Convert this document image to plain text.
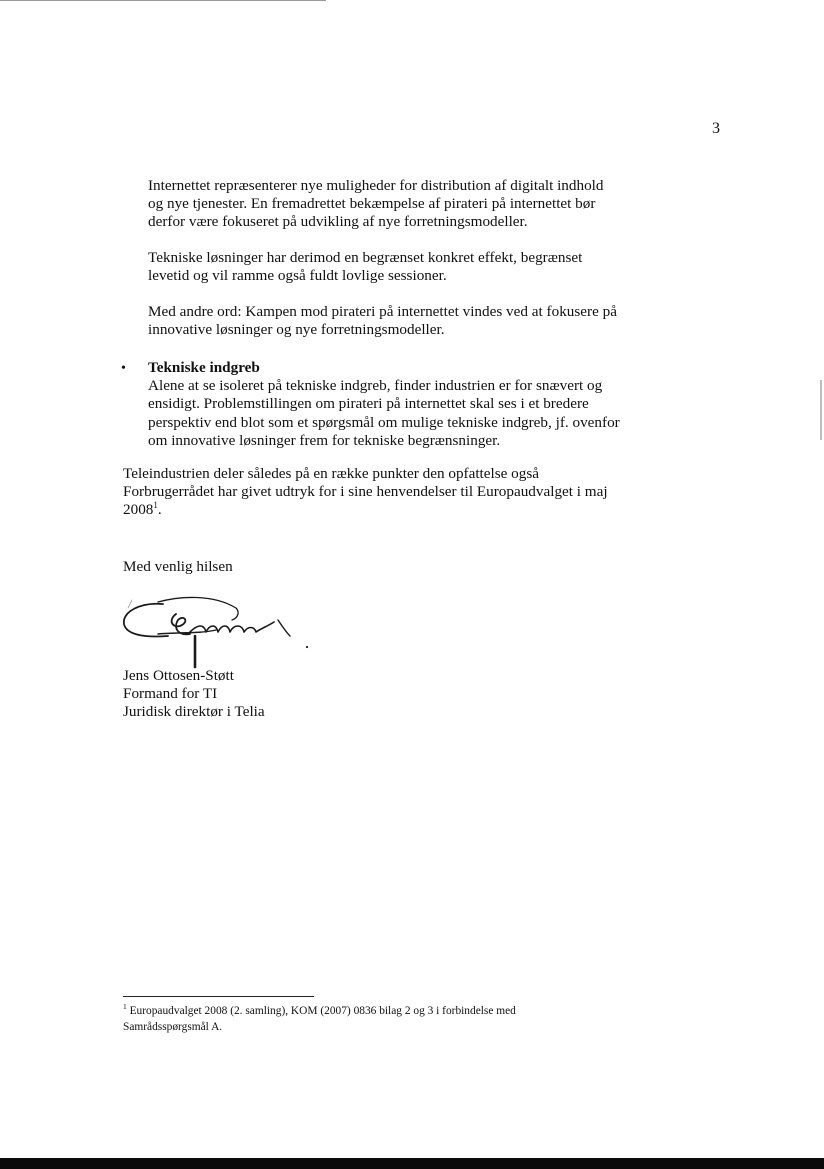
3
Internettet repræsenterer nye muligheder for distribution af digitalt indhold
og nye tjenester. En fremadrettet bekæmpelse af pirateri på internettet bør
derfor være fokuseret på udvikling af nye forretningsmodeller.
Tekniske løsninger har derimod en begrænset konkret effekt, begrænset
levetid og vil ramme også fuldt lovlige sessioner.
Med andre ord: Kampen mod pirateri på internettet vindes ved at fokusere på
innovative løsninger og nye forretningsmodeller.
• Tekniske indgreb
Alene at se isoleret på tekniske indgreb, finder industrien er for snævert og
ensidigt. Problemstillingen om pirateri på internettet skal ses i et bredere
perspektiv end blot som et spørgsmål om mulige tekniske indgreb, jf. ovenfor
om innovative løsninger frem for tekniske begrænsninger.
Teleindustrien deler således på en række punkter den opfattelse også
Forbrugerrådet har givet udtryk for i sine henvendelser til Europaudvalget i maj
2008$^1$.
Med venlig hilsen
Jens Ottosen-Støtt
Formand for TI
Juridisk direktør i Telia
$^1$ Europaudvalget 2008 (2. samling), KOM (2007) 0836 bilag 2 og 3 i forbindelse med
Samrådsspørgsmål A.
